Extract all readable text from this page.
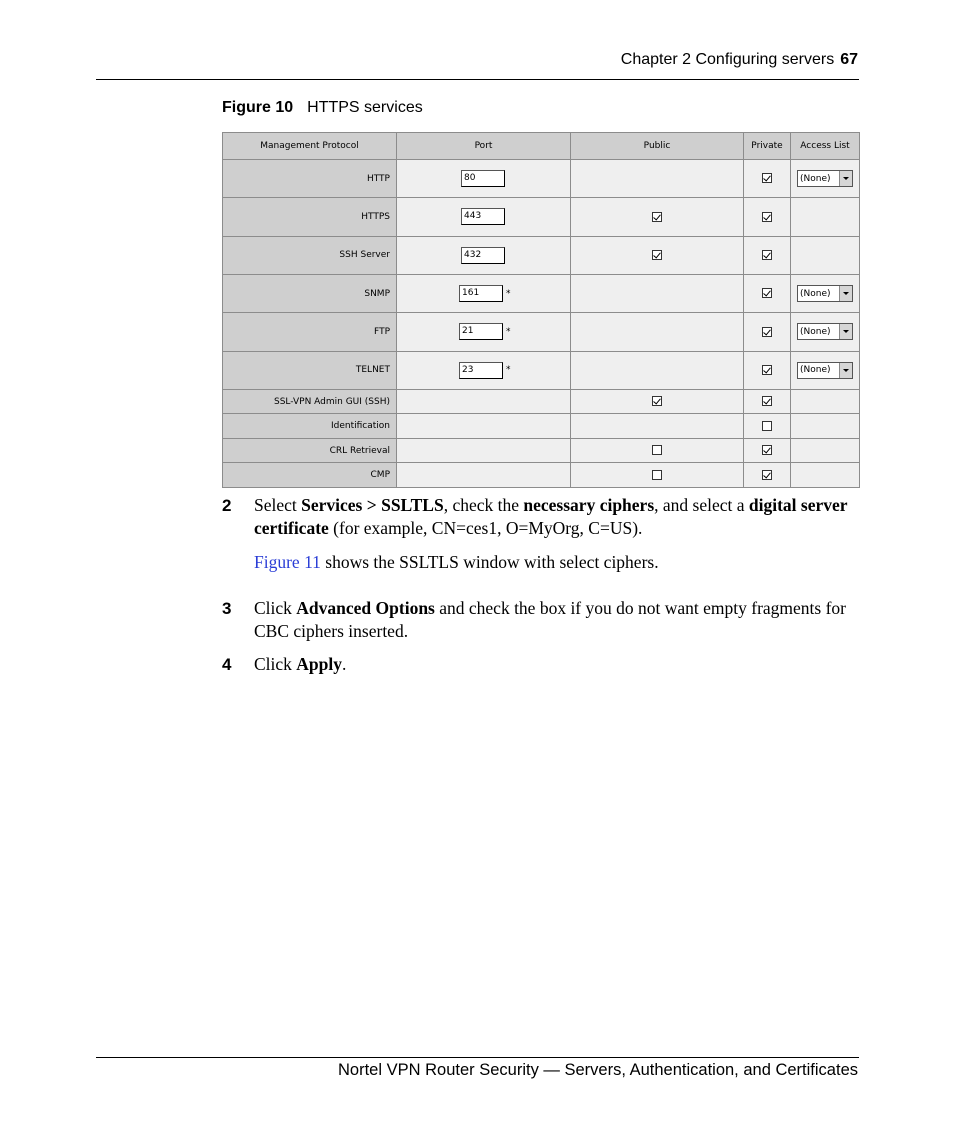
Chapter 2 Configuring servers 67
Figure 10 HTTPS services
Management Protocol	Port	Public	Private	Access List
HTTP	80			(None)

HTTPS	443			
SSH Server	432			
SNMP	161 *			(None)

FTP	21 *			(None)

TELNET	23 *			(None)

SSL-VPN Admin GUI (SSH)				
Identification				
CRL Retrieval				
CMP				
2 Select Services > SSLTLS, check the necessary ciphers, and select a digital server certificate (for example, CN=ces1, O=MyOrg, C=US).
Figure 11 shows the SSLTLS window with select ciphers.
3 Click Advanced Options and check the box if you do not want empty fragments for CBC ciphers inserted.
4 Click Apply.
Nortel VPN Router Security — Servers, Authentication, and Certificates
